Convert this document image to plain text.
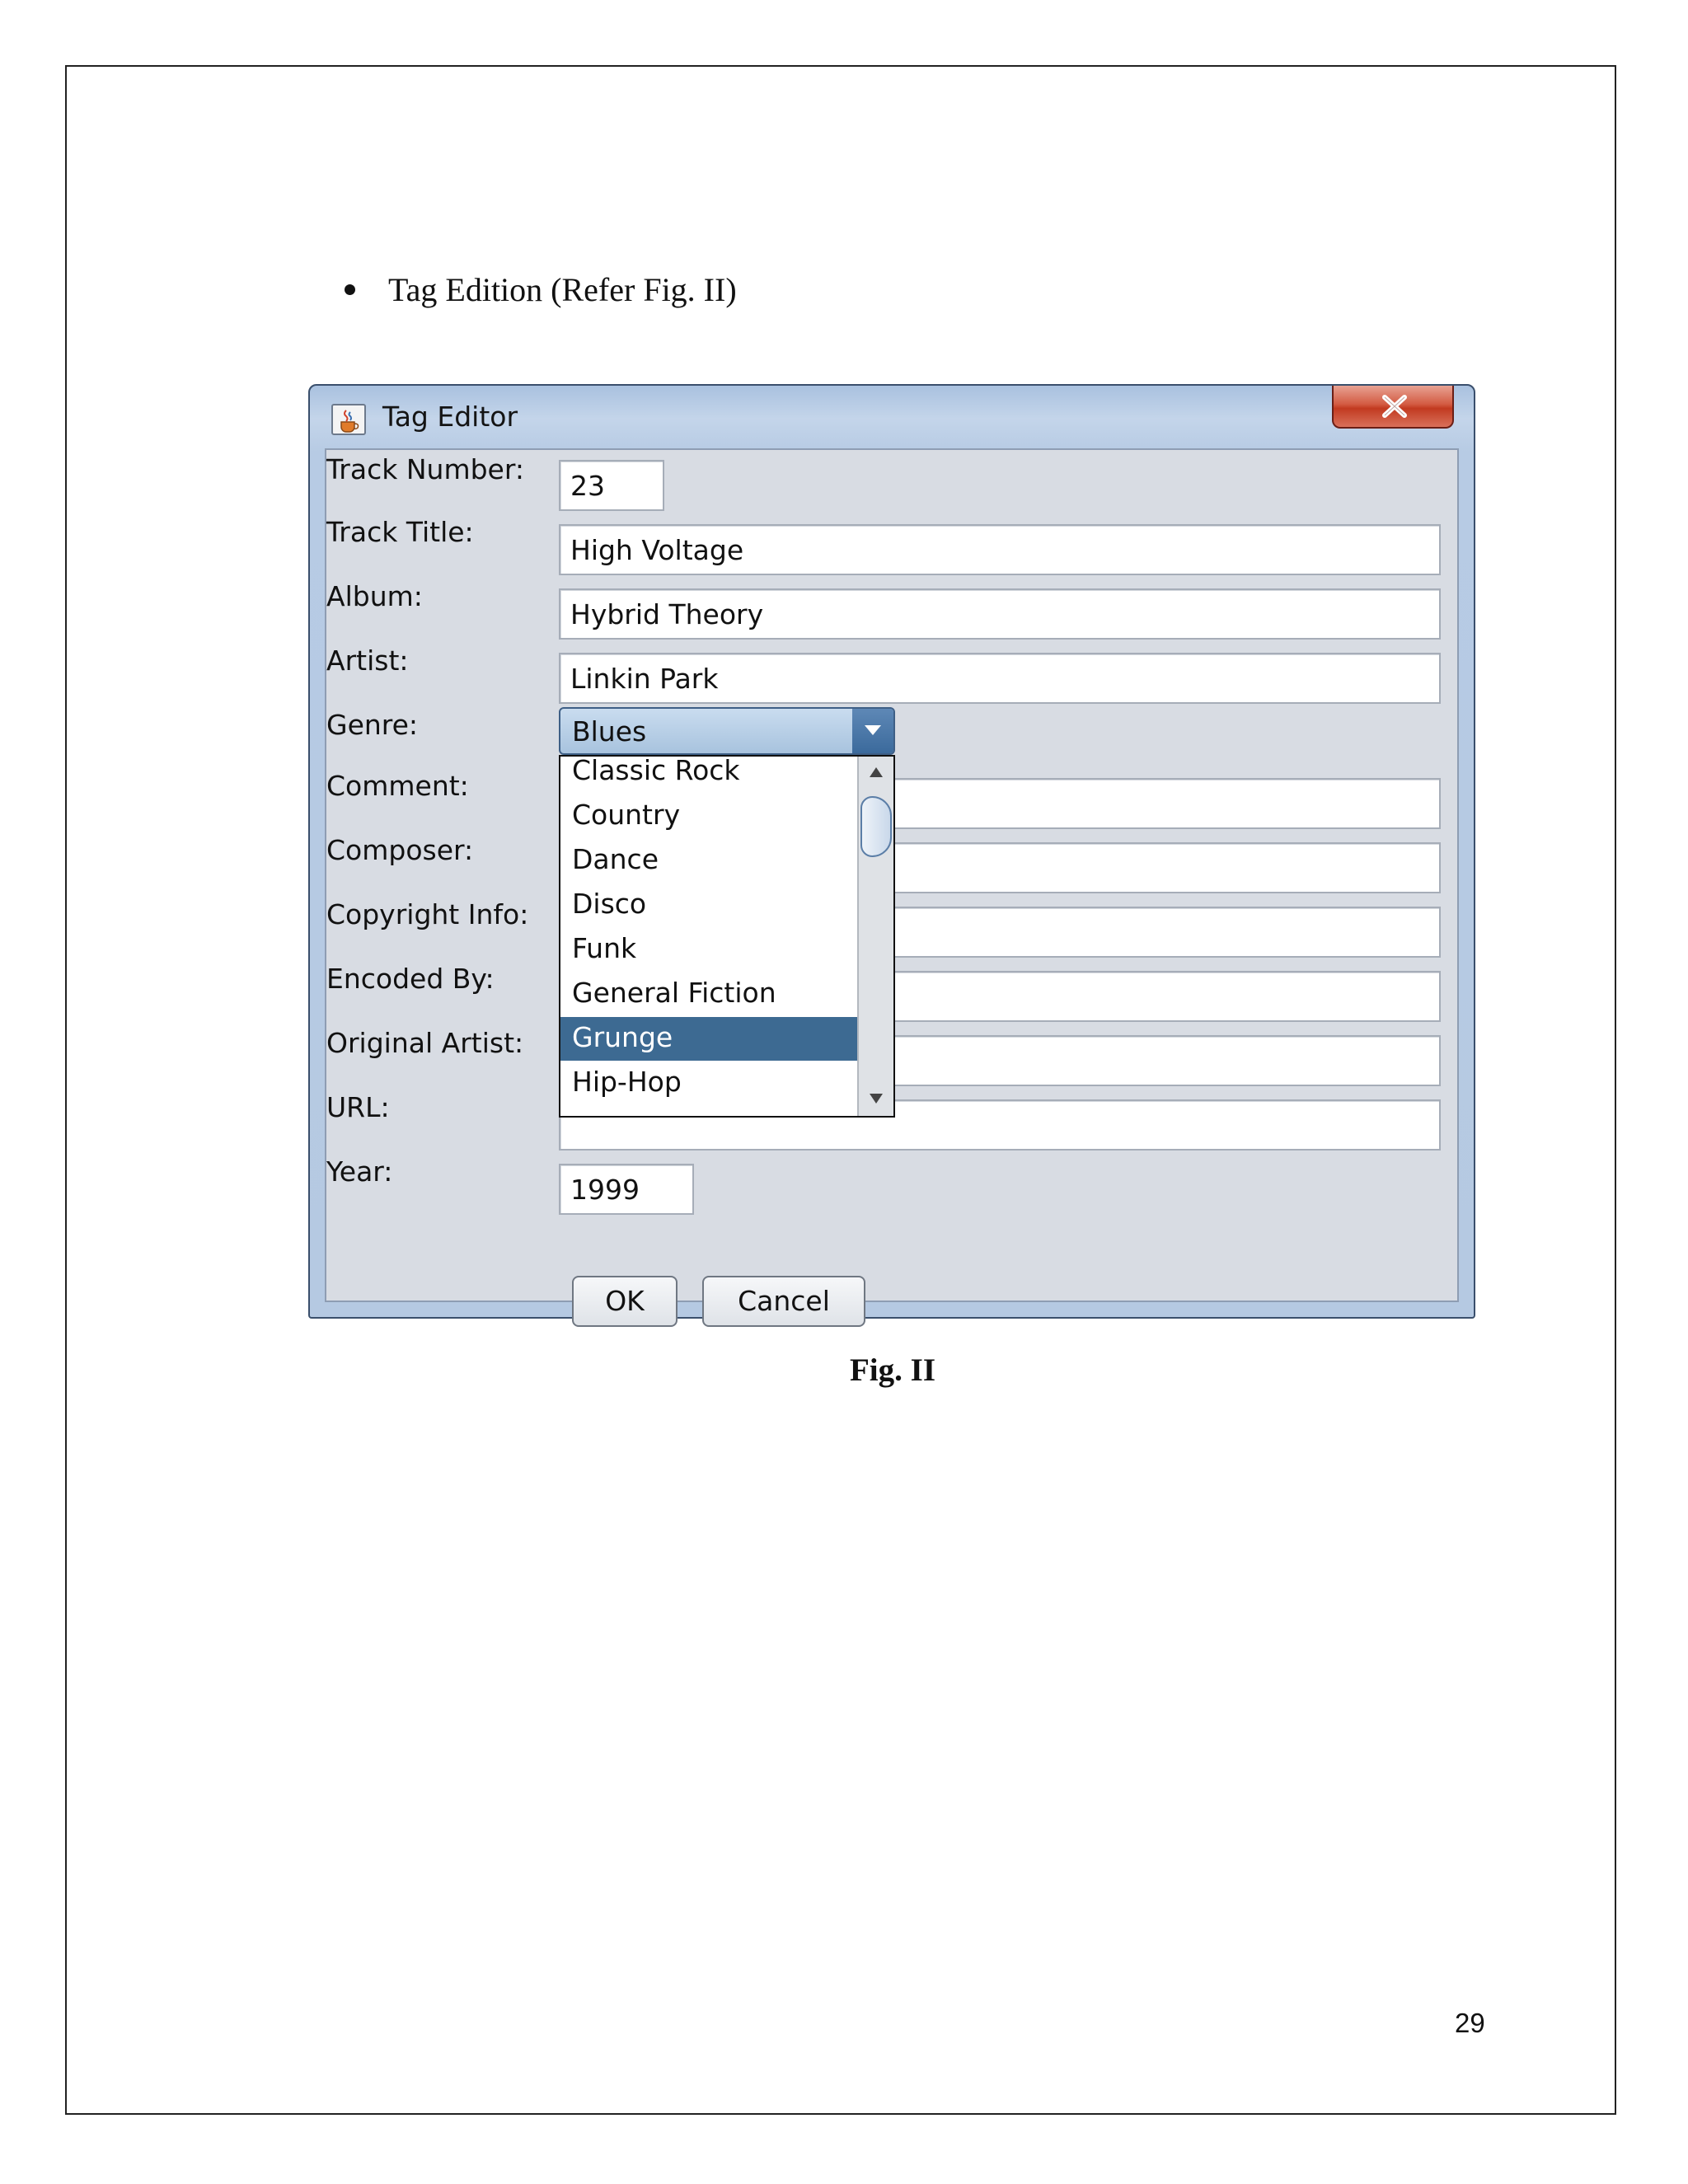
Tag Edition (Refer Fig. II)
Tag Editor
Track Number:
Track Title:
Album:
Artist:
Genre:
Comment:
Composer:
Copyright Info:
Encoded By:
Original Artist:
URL:
Year:
23
High Voltage
Hybrid Theory
Linkin Park
1999
Blues
Classic Rock
Country
Dance
Disco
Funk
General Fiction
Grunge
Hip-Hop
OK	Cancel
Fig. II
29
